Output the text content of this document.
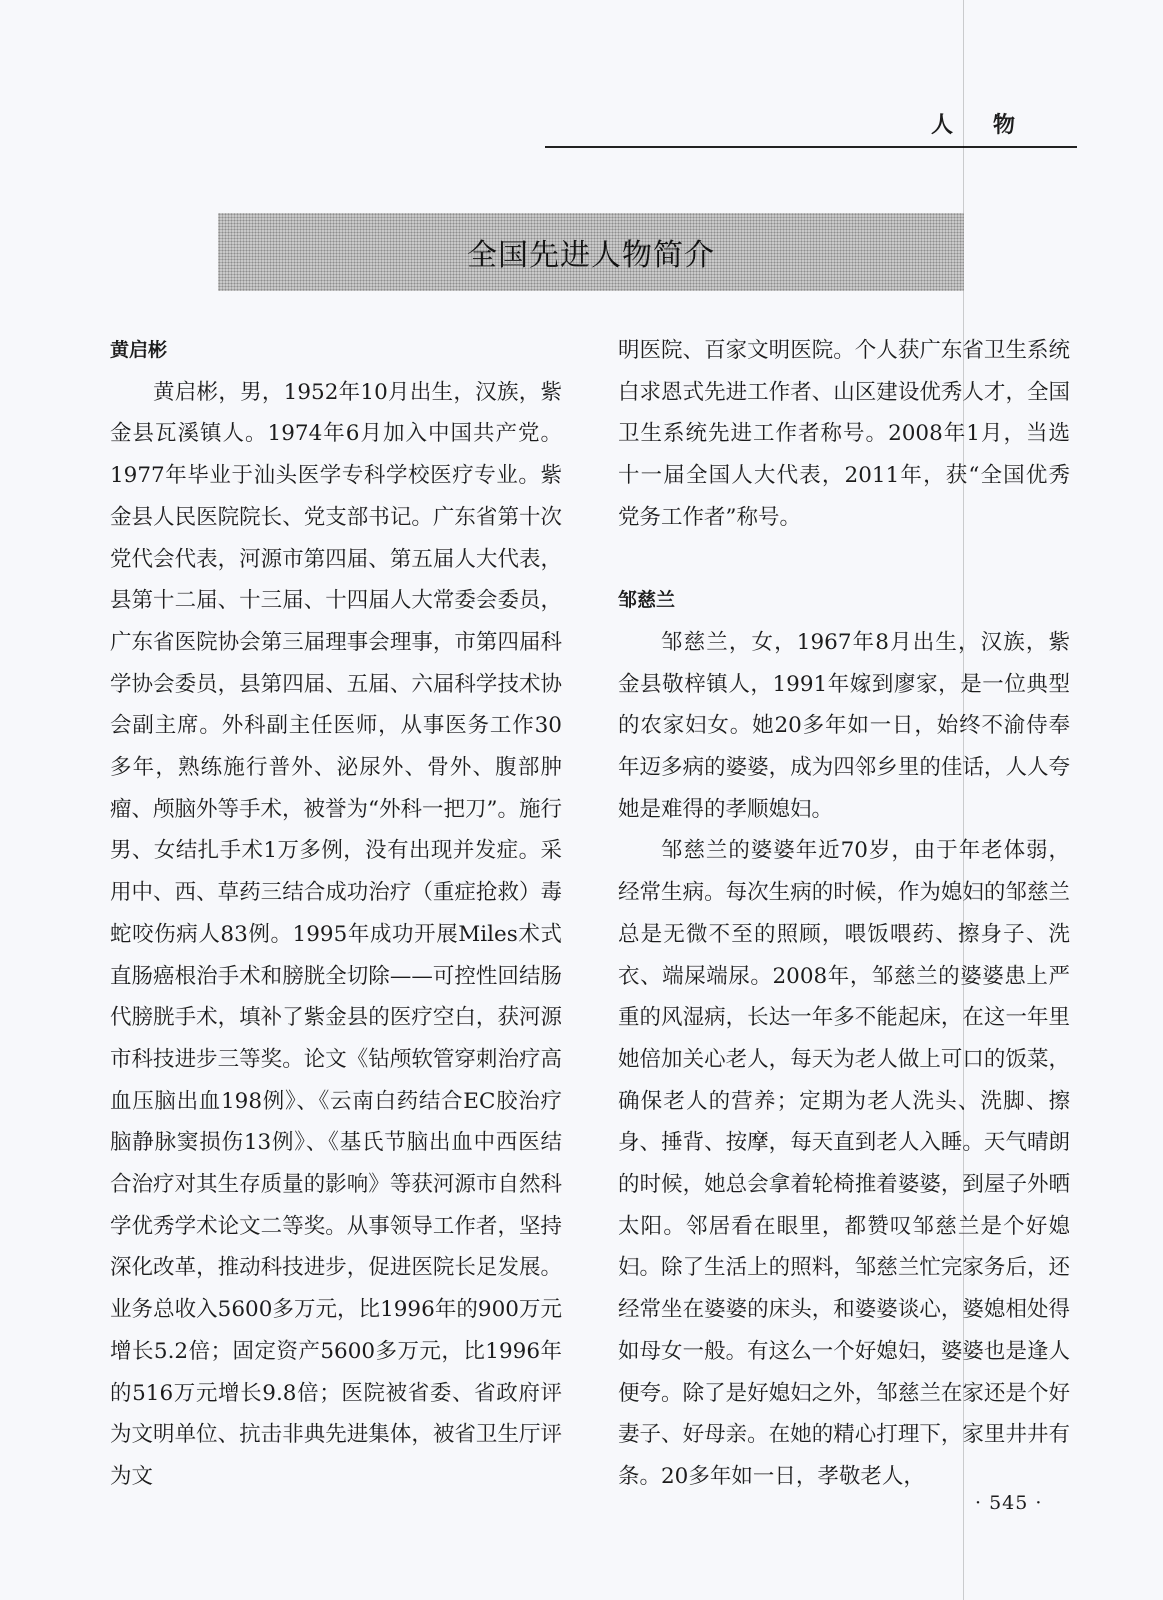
人物
全国先进人物简介
黄启彬

黄启彬，男，1952年10月出生，汉族，紫金县瓦溪镇人。1974年6月加入中国共产党。1977年毕业于汕头医学专科学校医疗专业。紫金县人民医院院长、党支部书记。广东省第十次党代会代表，河源市第四届、第五届人大代表，县第十二届、十三届、十四届人大常委会委员，广东省医院协会第三届理事会理事，市第四届科学协会委员，县第四届、五届、六届科学技术协会副主席。外科副主任医师，从事医务工作30多年，熟练施行普外、泌尿外、骨外、腹部肿瘤、颅脑外等手术，被誉为“外科一把刀”。施行男、女结扎手术1万多例，没有出现并发症。采用中、西、草药三结合成功治疗（重症抢救）毒蛇咬伤病人83例。1995年成功开展Miles术式直肠癌根治手术和膀胱全切除——可控性回结肠代膀胱手术，填补了紫金县的医疗空白，获河源市科技进步三等奖。论文《钻颅软管穿刺治疗高血压脑出血198例》、《云南白药结合EC胶治疗脑静脉窦损伤13例》、《基氏节脑出血中西医结合治疗对其生存质量的影响》等获河源市自然科学优秀学术论文二等奖。从事领导工作者，坚持深化改革，推动科技进步，促进医院长足发展。业务总收入5600多万元，比1996年的900万元增长5.2倍；固定资产5600多万元，比1996年的516万元增长9.8倍；医院被省委、省政府评为文明单位、抗击非典先进集体，被省卫生厅评为文

明医院、百家文明医院。个人获广东省卫生系统白求恩式先进工作者、山区建设优秀人才，全国卫生系统先进工作者称号。2008年1月，当选十一届全国人大代表，2011年，获“全国优秀党务工作者”称号。

邹慈兰

邹慈兰，女，1967年8月出生，汉族，紫金县敬梓镇人，1991年嫁到廖家，是一位典型的农家妇女。她20多年如一日，始终不渝侍奉年迈多病的婆婆，成为四邻乡里的佳话，人人夸她是难得的孝顺媳妇。

邹慈兰的婆婆年近70岁，由于年老体弱，经常生病。每次生病的时候，作为媳妇的邹慈兰总是无微不至的照顾，喂饭喂药、擦身子、洗衣、端屎端尿。2008年，邹慈兰的婆婆患上严重的风湿病，长达一年多不能起床，在这一年里她倍加关心老人，每天为老人做上可口的饭菜，确保老人的营养；定期为老人洗头、洗脚、擦身、捶背、按摩，每天直到老人入睡。天气晴朗的时候，她总会拿着轮椅推着婆婆，到屋子外晒太阳。邻居看在眼里，都赞叹邹慈兰是个好媳妇。除了生活上的照料，邹慈兰忙完家务后，还经常坐在婆婆的床头，和婆婆谈心，婆媳相处得如母女一般。有这么一个好媳妇，婆婆也是逢人便夸。除了是好媳妇之外，邹慈兰在家还是个好妻子、好母亲。在她的精心打理下，家里井井有条。20多年如一日，孝敬老人，

· 545 ·
